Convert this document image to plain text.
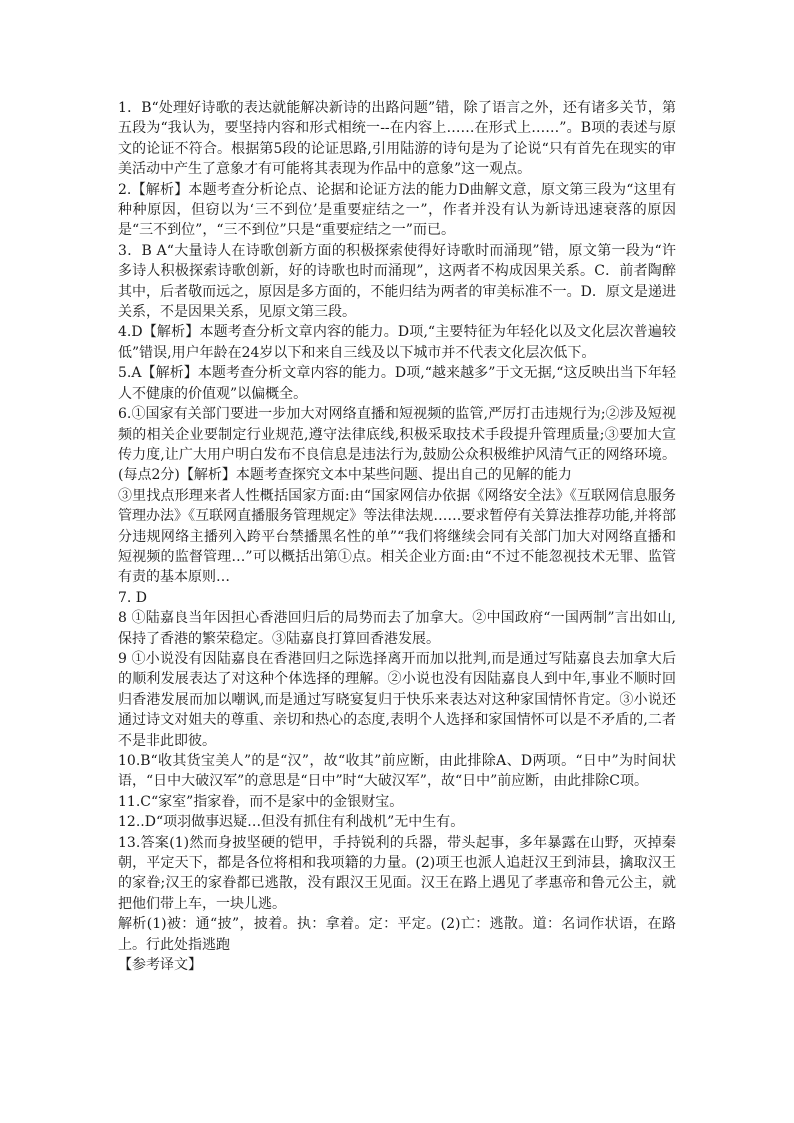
1．B“处理好诗歌的表达就能解决新诗的出路问题”错，除了语言之外，还有诸多关节，第五段为“我认为，要坚持内容和形式相统一--在内容上……在形式上……”。B项的表述与原文的论证不符合。根据第5段的论证思路,引用陆游的诗句是为了论说“只有首先在现实的审美活动中产生了意象才有可能将其表现为作品中的意象”这一观点。

2.【解析】本题考查分析论点、论据和论证方法的能力D曲解文意，原文第三段为“这里有种种原因，但窃以为‘三不到位’是重要症结之一”，作者并没有认为新诗迅速衰落的原因是“三不到位”，“三不到位”只是“重要症结之一”而已。

3．B A“大量诗人在诗歌创新方面的积极探索使得好诗歌时而涌现”错，原文第一段为“许多诗人积极探索诗歌创新，好的诗歌也时而涌现”，这两者不构成因果关系。C．前者陶醉其中，后者敬而远之，原因是多方面的，不能归结为两者的审美标准不一。D．原文是递进关系，不是因果关系，见原文第三段。

4.D【解析】本题考查分析文章内容的能力。D项,“主要特征为年轻化以及文化层次普遍较低”错误,用户年龄在24岁以下和来自三线及以下城市并不代表文化层次低下。

5.A【解析】本题考查分析文章内容的能力。D项,“越来越多”于文无据,“这反映出当下年轻人不健康的价值观”以偏概全。

6.①国家有关部门要进一步加大对网络直播和短视频的监管,严厉打击违规行为;②涉及短视频的相关企业要制定行业规范,遵守法律底线,积极采取技术手段提升管理质量;③要加大宣传力度,让广大用户明白发布不良信息是违法行为,鼓励公众积极维护风清气正的网络环境。(每点2分)【解析】本题考查探究文本中某些问题、提出自己的见解的能力

③里找点形理来者人性概括国家方面:由“国家网信办依据《网络安全法》《互联网信息服务管理办法》《互联网直播服务管理规定》等法律法规……要求暂停有关算法推荐功能,并将部分违规网络主播列入跨平台禁播黑名性的单”“我们将继续会同有关部门加大对网络直播和短视频的监督管理…”可以概括出第①点。相关企业方面:由“不过不能忽视技术无罪、监管有责的基本原则…

7. D

8 ①陆嘉良当年因担心香港回归后的局势而去了加拿大。②中国政府“一国两制”言出如山,保持了香港的繁荣稳定。③陆嘉良打算回香港发展。

9 ①小说没有因陆嘉良在香港回归之际选择离开而加以批判,而是通过写陆嘉良去加拿大后的顺利发展表达了对这种个体选择的理解。②小说也没有因陆嘉良人到中年,事业不顺时回归香港发展而加以嘲讽,而是通过写晓宴复归于快乐来表达对这种家国情怀肯定。③小说还通过诗文对姐夫的尊重、亲切和热心的态度,表明个人选择和家国情怀可以是不矛盾的,二者不是非此即彼。

10.B“收其货宝美人”的是“汉”，故“收其”前应断，由此排除A、D两项。“日中”为时间状语，“日中大破汉军”的意思是“日中”时“大破汉军”，故“日中”前应断，由此排除C项。

11.C“家室”指家眷，而不是家中的金银财宝。

12..D“项羽做事迟疑…但没有抓住有利战机”无中生有。

13.答案(1)然而身披坚硬的铠甲，手持锐利的兵器，带头起事，多年暴露在山野，灭掉秦朝，平定天下，都是各位将相和我项籍的力量。(2)项王也派人追赶汉王到沛县，擒取汉王的家眷;汉王的家眷都已逃散，没有跟汉王见面。汉王在路上遇见了孝惠帝和鲁元公主，就把他们带上车，一块儿逃。

解析(1)被：通“披”，披着。执：拿着。定：平定。(2)亡：逃散。道：名词作状语，在路上。行此处指逃跑

【参考译文】
